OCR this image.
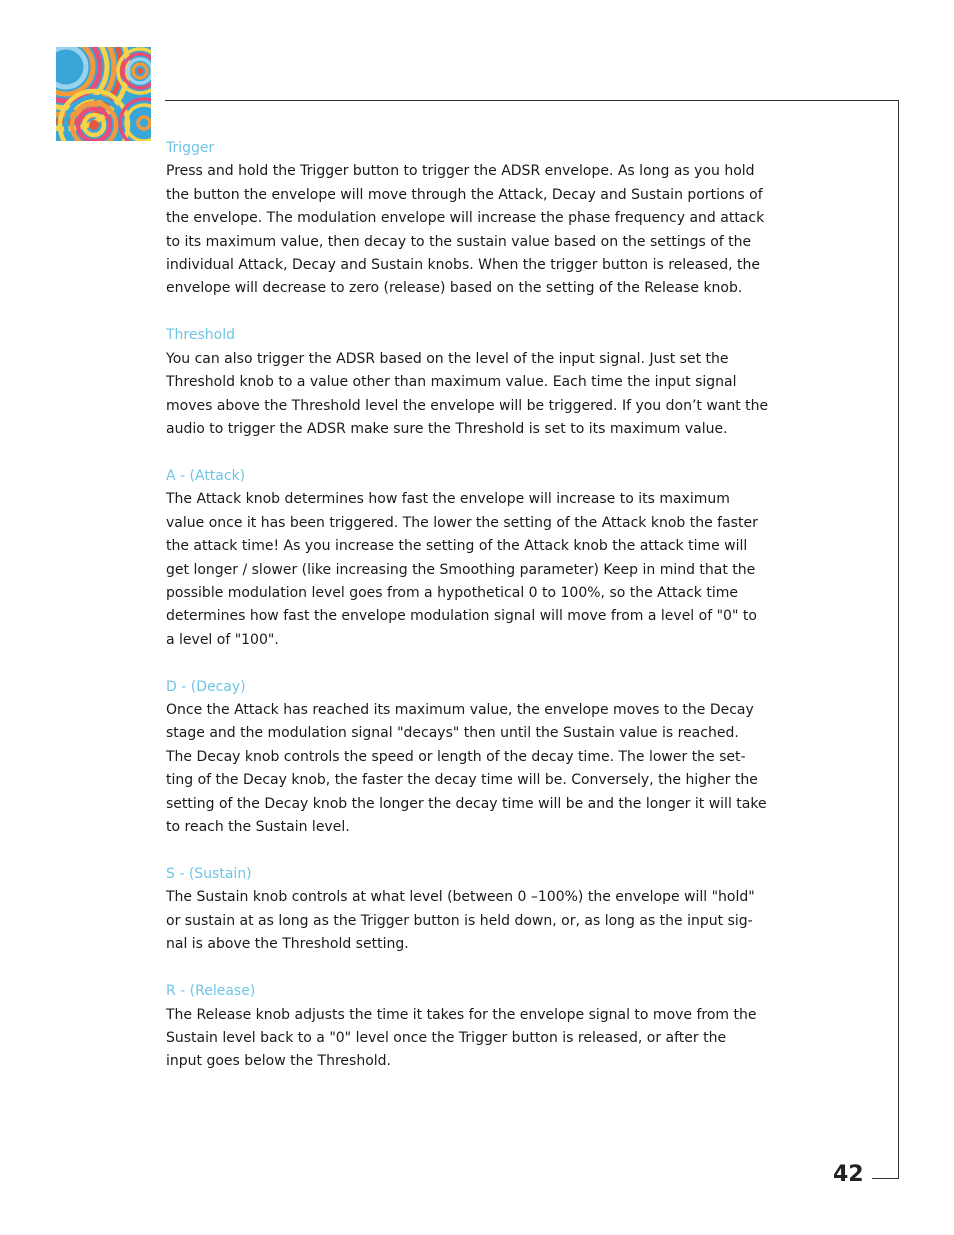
Trigger
Press and hold the Trigger button to trigger the ADSR envelope. As long as you hold
the button the envelope will move through the Attack, Decay and Sustain portions of
the envelope. The modulation envelope will increase the phase frequency and attack
to its maximum value, then decay to the sustain value based on the settings of the
individual Attack, Decay and Sustain knobs. When the trigger button is released, the
envelope will decrease to zero (release) based on the setting of the Release knob.
Threshold
You can also trigger the ADSR based on the level of the input signal. Just set the
Threshold knob to a value other than maximum value. Each time the input signal
moves above the Threshold level the envelope will be triggered. If you don’t want the
audio to trigger the ADSR make sure the Threshold is set to its maximum value.
A - (Attack)
The Attack knob determines how fast the envelope will increase to its maximum
value once it has been triggered. The lower the setting of the Attack knob the faster
the attack time! As you increase the setting of the Attack knob the attack time will
get longer / slower (like increasing the Smoothing parameter) Keep in mind that the
possible modulation level goes from a hypothetical 0 to 100%, so the Attack time
determines how fast the envelope modulation signal will move from a level of "0" to
a level of "100".
D - (Decay)
Once the Attack has reached its maximum value, the envelope moves to the Decay
stage and the modulation signal "decays" then until the Sustain value is reached.
The Decay knob controls the speed or length of the decay time. The lower the set-
ting of the Decay knob, the faster the decay time will be. Conversely, the higher the
setting of the Decay knob the longer the decay time will be and the longer it will take
to reach the Sustain level.
S - (Sustain)
The Sustain knob controls at what level (between 0 –100%) the envelope will "hold"
or sustain at as long as the Trigger button is held down, or, as long as the input sig-
nal is above the Threshold setting.
R - (Release)
The Release knob adjusts the time it takes for the envelope signal to move from the
Sustain level back to a "0" level once the Trigger button is released, or after the
input goes below the Threshold.
42
